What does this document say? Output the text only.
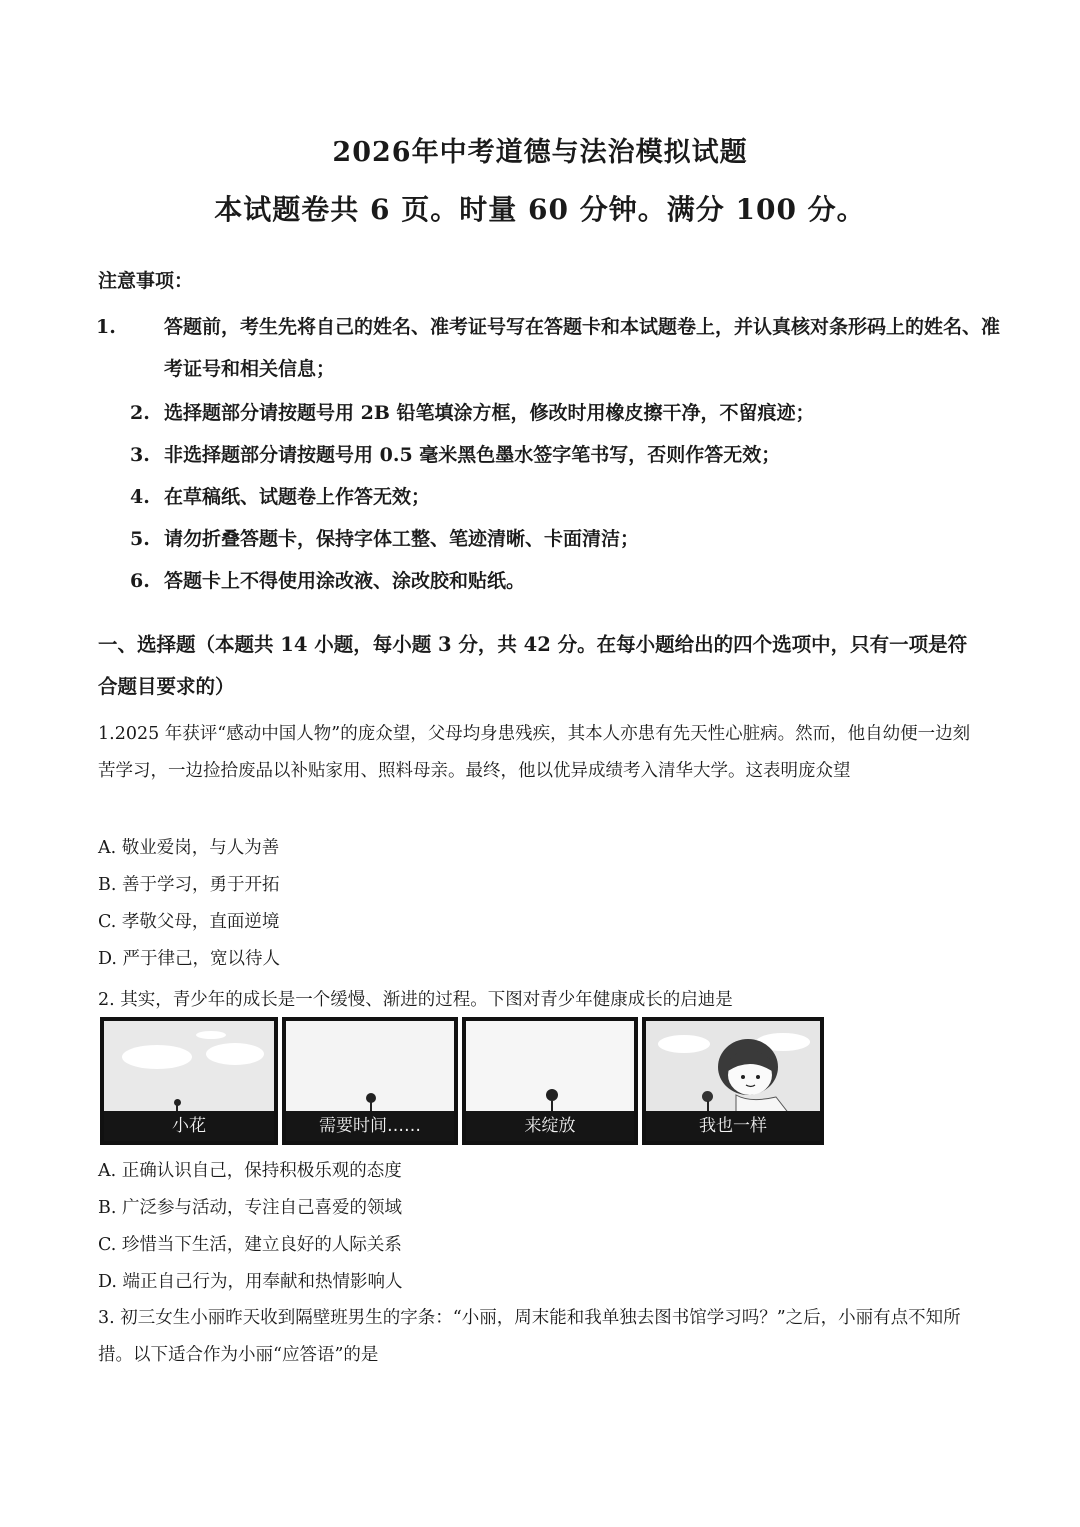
2026年中考道德与法治模拟试题
本试题卷共 6 页。时量 60 分钟。满分 100 分。
注意事项：
1.	答题前，考生先将自己的姓名、准考证号写在答题卡和本试题卷上，并认真核对条形码上的姓名、准考证号和相关信息；
2. 选择题部分请按题号用 2B 铅笔填涂方框，修改时用橡皮擦干净，不留痕迹；
3. 非选择题部分请按题号用 0.5 毫米黑色墨水签字笔书写，否则作答无效；
4. 在草稿纸、试题卷上作答无效；
5. 请勿折叠答题卡，保持字体工整、笔迹清晰、卡面清洁；
6. 答题卡上不得使用涂改液、涂改胶和贴纸。
一、选择题（本题共 14 小题，每小题 3 分，共 42 分。在每小题给出的四个选项中，只有一项是符合题目要求的）
1.2025 年获评“感动中国人物”的庞众望，父母均身患残疾，其本人亦患有先天性心脏病。然而，他自幼便一边刻苦学习，一边捡拾废品以补贴家用、照料母亲。最终，他以优异成绩考入清华大学。这表明庞众望
A. 敬业爱岗，与人为善
B. 善于学习，勇于开拓
C. 孝敬父母，直面逆境
D. 严于律己，宽以待人
2. 其实，青少年的成长是一个缓慢、渐进的过程。下图对青少年健康成长的启迪是
小花	需要时间……	来绽放	我也一样
A. 正确认识自己，保持积极乐观的态度
B. 广泛参与活动，专注自己喜爱的领域
C. 珍惜当下生活，建立良好的人际关系
D. 端正自己行为，用奉献和热情影响人
3. 初三女生小丽昨天收到隔壁班男生的字条：“小丽，周末能和我单独去图书馆学习吗？”之后，小丽有点不知所措。以下适合作为小丽“应答语”的是
